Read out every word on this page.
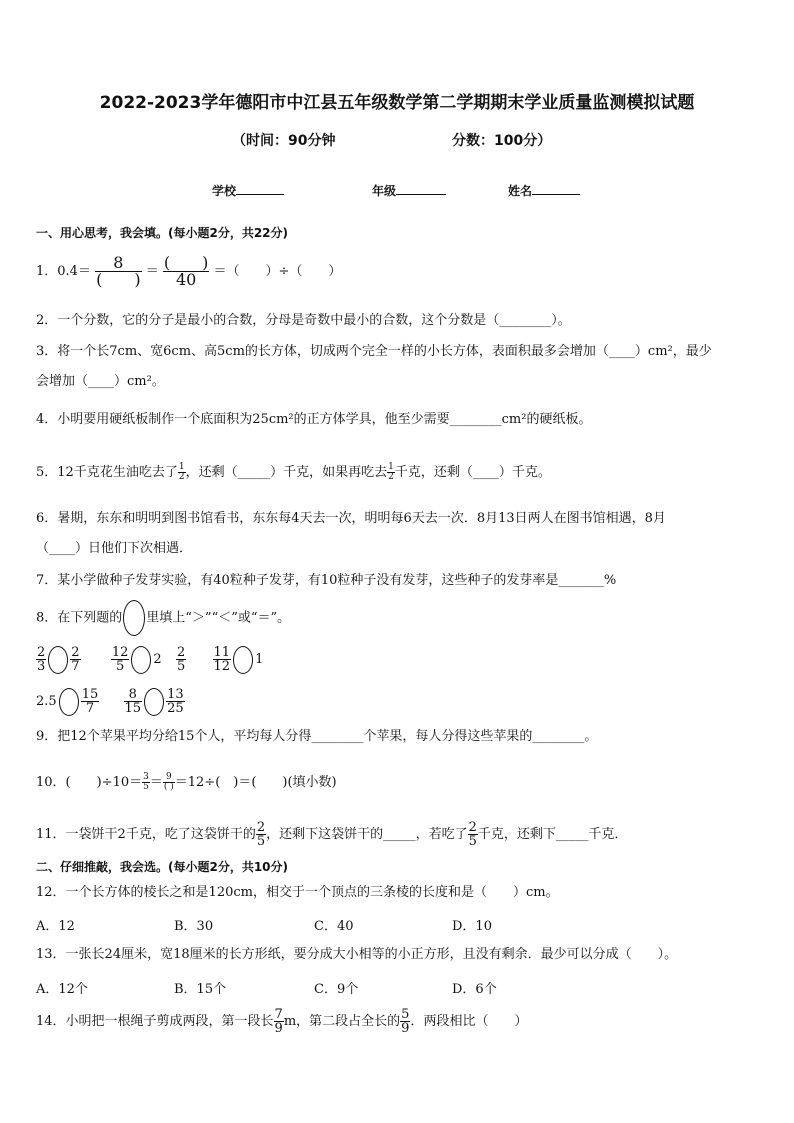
2022-2023学年德阳市中江县五年级数学第二学期期末学业质量监测模拟试题
（时间：90分钟	分数：100分）
学校	年级	姓名
一、用心思考，我会填。(每小题2分，共22分)
1．$0.4= \frac{8}{( )} = \frac{( )}{40}$ ＝（　　）÷（　　）
2．一个分数，它的分子是最小的合数，分母是奇数中最小的合数，这个分数是（________）。
3．将一个长7cm、宽6cm、高5cm的长方体，切成两个完全一样的小长方体，表面积最多会增加（____）cm²，最少
会增加（____）cm²。
4．小明要用硬纸板制作一个底面积为25cm²的正方体学具，他至少需要________cm²的硬纸板。
5．12千克花生油吃去了 $\frac{1}{2}$ ，还剩（_____）千克，如果再吃去 $\frac{1}{2}$ 千克，还剩（____）千克。
6．暑期，东东和明明到图书馆看书，东东每4天去一次，明明每6天去一次．8月13日两人在图书馆相遇，8月
（____）日他们下次相遇．
7．某小学做种子发芽实验，有40粒种子发芽，有10粒种子没有发芽，这些种子的发芽率是_______%
8．在下列题的 里填上“＞”“＜”或“＝”。
$\frac{2}{3} \frac{2}{7}$
$\frac{12}{5} 2 \frac{2}{5}$
$\frac{11}{12} 1$
$2.5 \frac{15}{7}$
$\frac{8}{15} \frac{13}{25}$
9．把12个苹果平均分给15个人，平均每人分得________个苹果，每人分得这些苹果的________。
10．(　　)$\div 10= \frac{3}{5} = \frac{9}{( )} =12\div$(　)＝(　　)(填小数)
11．一袋饼干2千克，吃了这袋饼干的 $\frac{2}{5}$ ，还剩下这袋饼干的_____，若吃了 $\frac{2}{5}$ 千克，还剩下_____千克．
二、仔细推敲，我会选。(每小题2分，共10分)
12．一个长方体的棱长之和是120cm，相交于一个顶点的三条棱的长度和是（　　）cm。
A．12	B．30	C．40	D．10
13．一张长24厘米，宽18厘米的长方形纸，要分成大小相等的小正方形，且没有剩余．最少可以分成（　　）。
A．12个	B．15个	C．9个	D．6个
14．小明把一根绳子剪成两段，第一段长 $\frac{7}{9}$ m，第二段占全长的 $\frac{5}{9}$ ．两段相比（　　）
